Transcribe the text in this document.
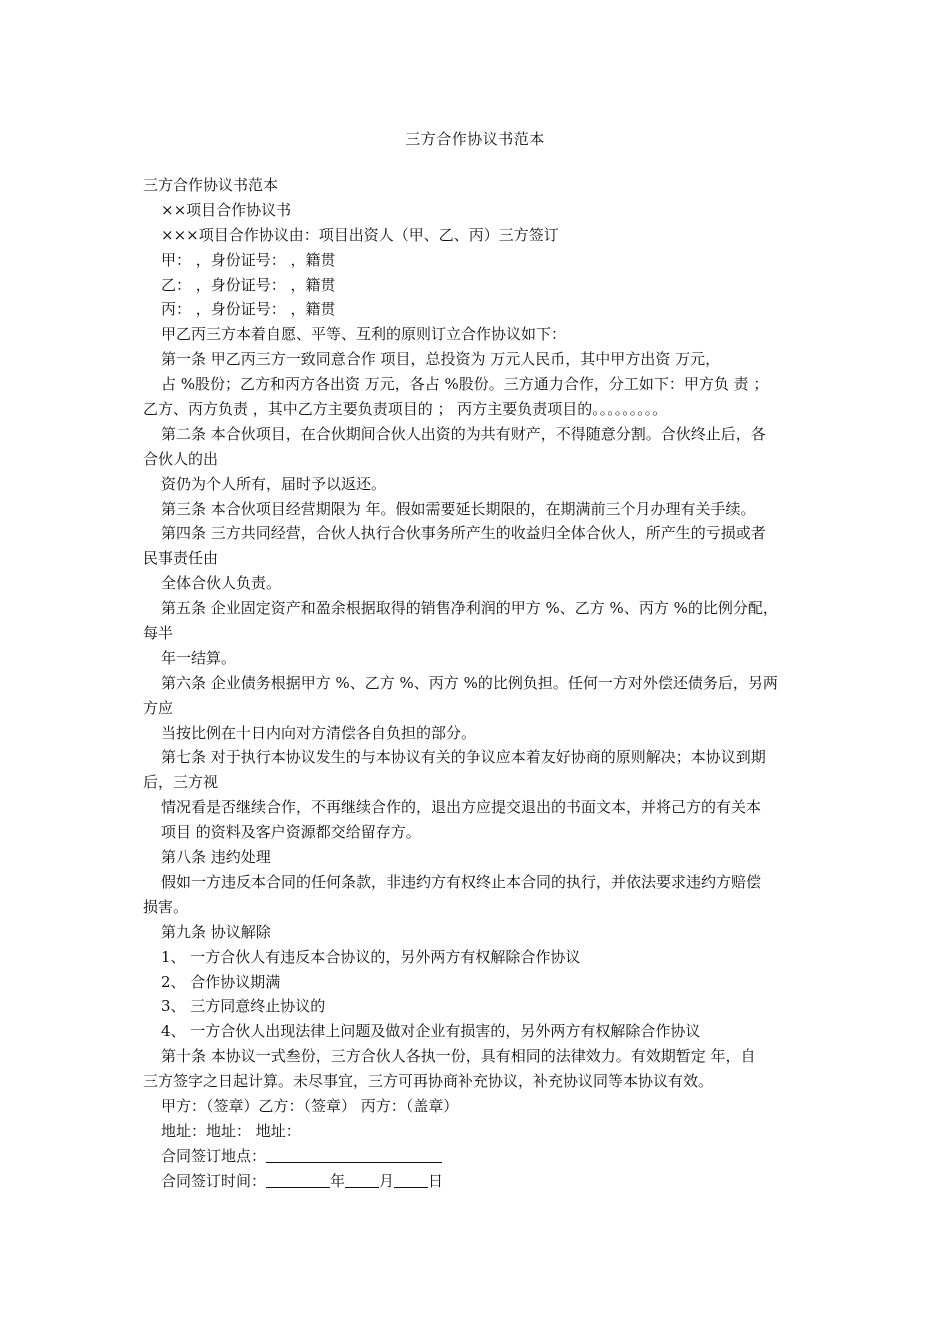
三方合作协议书范本
三方合作协议书范本
××项目合作协议书
×××项目合作协议由：项目出资人（甲、乙、丙）三方签订
甲： ，身份证号： ，籍贯
乙： ，身份证号： ，籍贯
丙： ，身份证号： ，籍贯
甲乙丙三方本着自愿、平等、互利的原则订立合作协议如下：
第一条 甲乙丙三方一致同意合作 项目，总投资为 万元人民币，其中甲方出资 万元，
占 %股份；乙方和丙方各出资 万元，各占 %股份。三方通力合作，分工如下：甲方负 责 ；
乙方、丙方负责 ，其中乙方主要负责项目的 ； 丙方主要负责项目的。。。。。。。。。
第二条 本合伙项目，在合伙期间合伙人出资的为共有财产，不得随意分割。合伙终止后，各
合伙人的出
资仍为个人所有，届时予以返还。
第三条 本合伙项目经营期限为 年。假如需要延长期限的，在期满前三个月办理有关手续。
第四条 三方共同经营，合伙人执行合伙事务所产生的收益归全体合伙人，所产生的亏损或者
民事责任由
全体合伙人负责。
第五条 企业固定资产和盈余根据取得的销售净利润的甲方 %、乙方 %、丙方 %的比例分配，
每半
年一结算。
第六条 企业债务根据甲方 %、乙方 %、丙方 %的比例负担。任何一方对外偿还债务后，另两
方应
当按比例在十日内向对方清偿各自负担的部分。
第七条 对于执行本协议发生的与本协议有关的争议应本着友好协商的原则解决；本协议到期
后，三方视
情况看是否继续合作，不再继续合作的，退出方应提交退出的书面文本，并将己方的有关本
项目 的资料及客户资源都交给留存方。
第八条 违约处理
假如一方违反本合同的任何条款，非违约方有权终止本合同的执行，并依法要求违约方赔偿
损害。
第九条 协议解除
1、 一方合伙人有违反本合协议的，另外两方有权解除合作协议
2、 合作协议期满
3、 三方同意终止协议的
4、 一方合伙人出现法律上问题及做对企业有损害的，另外两方有权解除合作协议
第十条 本协议一式叁份，三方合伙人各执一份，具有相同的法律效力。有效期暂定 年，自
三方签字之日起计算。未尽事宜，三方可再协商补充协议，补充协议同等本协议有效。
甲方：（签章）乙方：（签章） 丙方：（盖章）
地址：地址： 地址：
合同签订地点：
合同签订时间：	年 月 日
